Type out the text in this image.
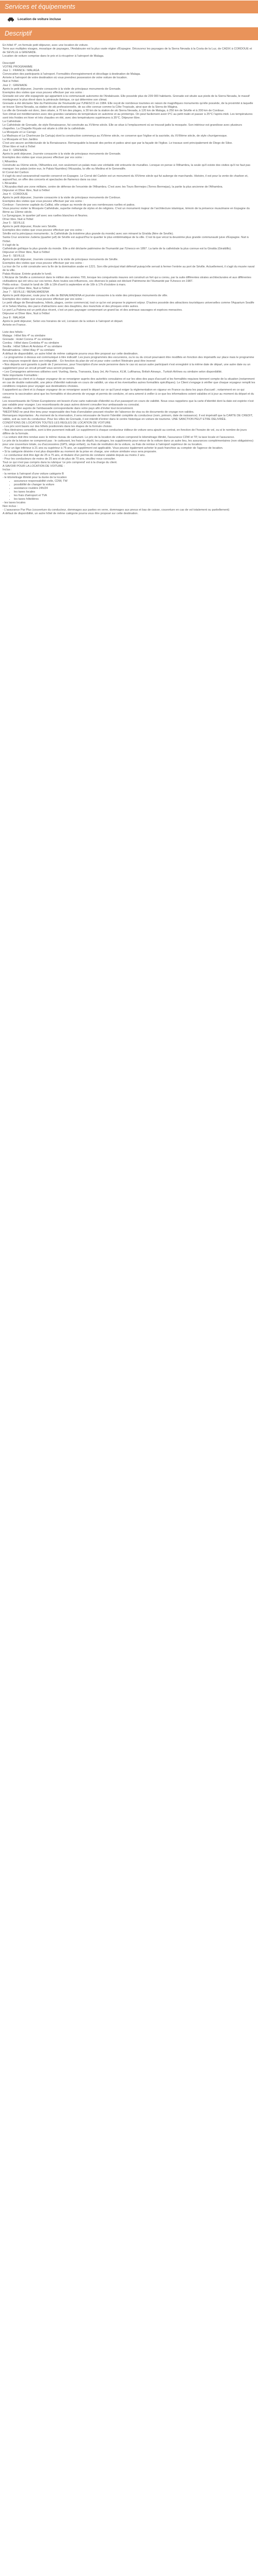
Services et équipements
Location de voiture incluse
Descriptif

En hôtel 4*, en formule petit déjeuner, avec une location de voiture.

Terre aux multiples visages, mosaïque de paysages, l'Andalousie est la plus vaste région d'Espagne. Découvrez les paysages de la Sierra Nevada à la Costa de la Luz, de CADIX à CORDOUE et de SEVILLE à GRENADE.

Location de voiture comprise dans le prix et à récupérer à l'aéroport de Malaga.

Descriptif

VOTRE PROGRAMME

Jour 1 : FRANCE / MALAGA

Convocation des participants à l'aéroport. Formalités d'enregistrement et décollage à destination de Malaga.

Arrivée à l'aéroport de votre destination où vous prendrez possession de votre voiture de location.

Nuit à l'hôtel.

Jour 2 : GRENADE

Après le petit déjeuner, Journée consacrée à la visite de principaux monuments de Grenade.

Exemples des visites que vous pouvez effectuer par vos soins :

Grenade est une ville espagnole qui appartient à la communauté autonome de l'Andalousie. Elle possède plus de 239 000 habitants. Grenade est située aux pieds de la Sierra Nevada, le massif montagneux le plus élevé dans la péninsule ibérique, ce qui détermine son climat.

Grenade a été déclarée Site du Patrimoine de l'Humanité par l'UNESCO en 1984. Elle reçoit de nombreux touristes en raison de magnifiques monuments qu'elle possède, de la proximité à laquelle se trouve Sierra Nevada, sa station de ski professionnelle, de sa côte connue comme la Côte Tropicale, ainsi que de la Sierra de Mágina.

La ville de Grenade est donc, bien située, à 70 km des plages, à 30 km de la station de ski Sierra Nevada, à 120 km de Malaga, à 250 km de Séville et à 200 km de Cordoue.

Son climat est méditerranéen avec des grandes variations de température en automne et au printemps. On peut facilement avoir 0°C au petit matin et passer à 25°C l'après-midi. Les températures sont très froides en hiver et très chaudes en été, avec des températures supérieures à 35°C. Déjeuner libre.

La Cathédrale

Le Cathédrale de Grenade, de style Renaissance, fut construite au XVIème siècle. Elle se situe à l'emplacement où se trouvait jadis la mosquée. Son intérieur est grandiose avec plusieurs chapelles. La Chapelle Royale est située à côté de la cathédrale.

La Mosquée et Le Carrajo

La Madraza et La Chartreuse (la Cartuja) dont la construction commença au XVIème siècle, ne conserve que l'église et la sacristie, du XVIIIème siècle, de style churrigeresque.

La Mosquée et Son Jardins

C'est une œuvre architecturale de la Renaissance. Remarquable la beauté des perles et patios ainsi que par la façade de l'église. Le travaux sont principalement de Diego de Siloe.

Dîner libre et nuit à l'hôtel

Jour 3 : GRENADE

Après le petit déjeuner, Journée consacrée à la visite de principaux monuments de Grenade.

Exemples des visites que vous pouvez effectuer par vos soins :

L'Alhambra

Construite au IXème siècle, l'Alhambra est, non seulement un palais mais une véritable cité entourée de murailles. Lorsque on pense à l'Alhambra, la seule qu'il existe des visites qu'il ne faut pas manquer: les palais (entre eux, le Palais Nazrides) l'Alcazaba, la ville ou Medina et le Generalife.

El Corral del Carbon

Il s'agit du seul caravansérail nasride conservé en Espagne. Le Corral del Carbón est un monument du XIVème siècle qui fut auberge de marchands. Histoire, il est pour la vente de charbon et, aujourd'hui, on offre des concerts et spectacles de flamenco dans sa cour.

L'Alcazaba

L'Alcazaba était une zone militaire, centre de défense de l'enceinte de l'Alhambra. C'est avec les Tours Bermejes (Torres Bermejas), la partie la plus ancienne de l'Alhambra.

Déjeuner et Dîner libre, Nuit à l'Hôtel

Jour 4 : CORDOUE

Après le petit déjeuner, Journée consacrée à la visite de principaux monuments de Cordoue.

Exemples des visites que vous pouvez effectuer par vos soins :

Cordoue : l'ancienne capitale du Califat, ville unique au monde de par ses nombreuses ruelles et patios.

Vous pourrez visiter la Mosquée Cathédrale, superbe mélange de styles et de religions. C'est un monument majeur de l'architecture islamique, témoin de la présence musulmane en Espagne du 8ème au 13ème siècle.

La Synagogue, le quartier juif avec ses ruelles blanches et fleuries.

Dîner libre. Nuit à l'hôtel

Jour 5 : SEVILLE

Après le petit déjeuner, Route vers Séville.

Exemples des visites que vous pouvez effectuer par vos soins :

Séville est la principaux monuments ; la Cathédrale (la troisième plus grande du monde) avec son minaret la Giralda (fière de Seville).

Santa Cruz ancienne Juderia (quartier juif) de Séville est aujourd'hui le quartier le plus emblématique de la ville. C'est là que vécut la deuxième plus grande communauté juive d'Espagne. Nuit à l'hôtel.

Il s'agit de la

Cathédrale gothique la plus grande du monde. Elle a été déclarée patrimoine de l'humanité par l'Unesco en 1897. La tarte de la cathédrale la plus connue est la Giralda (Giraldillo).

Déjeuner et Dîner libre, Nuit à l'Hôtel

Jour 6 : SEVILLE

Après le petit déjeuner, Journée consacrée à la visite de principaux monuments de Séville.

Exemples des visites que vous pouvez effectuer par vos soins :

La tour de l'or a été construite vers la fin de la domination arabe en 1221. Son rôle principal était défensif puisqu'elle servait à fermer l'entrée au port de Séville. Actuellement, il s'agit du musée naval de la ville.

Palais Alcázar. Entrée gratuite le lundi.

L'Alcázar de Séville a commencé dans le million des années 700, lorsque les conquérants maures ont construit un fort qui a connu, par la suite différentes strates architecturales et aux différentes civilisations qui ont vécu sur ces terres. Avec toutes ses influences, ces diverses le palais est déclaré Patrimoine de l'Humanité par l'Unesco en 1987.

Petits extras : Gratuit le lundi de 18h à 19h d'avril à septembre et de 16h à 17h d'octobre à mars.

Déjeuner et Dîner libre, Nuit à l'Hôtel

Jour 7 : SEVILLE / BENALMADENA

Après le petit déjeuner, route pour la ville de BENALMADENA et journée consacrée à la visite des principaux monuments de ville.

Exemples des visites que vous pouvez effectuer par vos soins :

Le petit village de Benalmadena, hôtels, plages, centre commercial, tout ce qu'on est propose le pigment séjour. D'autres possède des attractions touristiques universelles comme l'Aquarium Sealife et le Selwo Marina, des parcs d'attractions avec des dauphins, des manchots et des phoques entre autres.

Le port La Paloma est un petit plus récent, c'est un parc paysager comprenant un grand lac et des animaux sauvages et espèces menacées.

Déjeuner et Dîner libre, Nuit à l'Hôtel

Jour 8 : MALAGA

Après le petit déjeuner, Selon vos horaires de vol, Livraison de la voiture à l'aéroport et départ.

Arrivée en France.

Liste des hôtels :

Malaga : Hôtel Ibis 4* ou similaire

Grenade : Hotel Corona 4* ou similaire

Cordou : Hôtel dans Cordoba 4* ou similaire

Sevilla : Hôtel Silken Al Andalus 4* ou similaire

Benalmadena : Hôtel Alay 4* ou similaire

A défaut de disponibilité, un autre hôtel de même catégorie pourra vous être proposé sur cette destination.

- Le programme ci-dessus est communiqué à titre indicatif. Les jours programmés des excursions, ou le ou du circuit pourraient être modifiés en fonction des impératifs sur place mais le programme sera toujours respecté dans son intégralité. - En fonction du plan de vol et pour votre confort l'itinéraire peut être inversé

• Nos départs sont garantis à partir de 2 personnes, pour l'inscription d'une seule personne dans le cas où aucun autre participant n'est enregistré à la même date de départ, une autre date ou un supplément pour un circuit privatif vous seront proposés.

• Les Compagnies aériennes utilisées sont: Vueling, Iberia, Transavia, Easy Jet, Air France, KLM, Lufthansa, British Airways , Turkish Airlines ou similaire selon disponibilité.

Note importante Formalités :

Il appartient au client et à chaque voyageur de se renseigner auprès des autorités consulaires et sur les sites des pays d'accueil si les formalités requises tiennent compte de la situation (notamment en cas de double nationalité, une pièce d'identité nationale en cours de validité, un visa et les éventuelles autres formalités spécifiques). Le Client s'engage à vérifier que chaque voyageur remplit les conditions requises pour voyager aux destinations choisies.

Il appartient au client et à chaque voyageur de se renseigner avant le départ sur ce qu'il peut exiger la réglementation en vigueur en France ou dans les pays d'accueil ; notamment en ce qui concerne la vaccination ainsi que les formalités et documents de voyage et permis de conduire, et sera amené à veiller à ce que les informations soient valables et à jour au moment du départ et du retour.

Les ressortissants de l'Union Européenne ont besoin d'une carte nationale d'identité ou d'un passeport en cours de validité. Nous vous rappelons que la carte d'identité dont la date est expirée n'est pas valable pour voyager. Les ressortissants de pays autres doivent consulter leur ambassade ou consulat.

Veuillez vérifier auprès de l'ambassade correspondante dans votre pays afin d'éviter tout inconvénient.

*MEDITRAD ne peut être tenu pour responsable des frais d'annulation pouvant résulter de l'absence de visa ou de documents de voyage non valides.

Remarques importantes : Au moment de la réservation, il sera nécessaire de fournir l'identité complète du conducteur (nom, prénom, date de naissance). Il est impératif que la CARTE DE CREDIT, valide, soit au nom du conducteur. Pour les villes de Grenade, il est interdit d'entrer dans le centre historique en voiture de tourisme. UNE SANCTION PEUT ETRE DELIVRÉE.

CONDITIONS DE LOCATION TOUTES LES REGLES DE LOCATION DE VOITURE

- Les prix sont basés sur des hôtels positionnés dans les étapes de la formule choisie.

• Nos itinéraires conseillés, sont à titre purement indicatif. Le supplément à chaque conducteur éditeur de voiture sera ajouté au contrat, en fonction de l'horaire de vol, ou si le nombre de jours diffère de la formule.

• La voiture doit être rendue avec le même niveau de carburant. Le prix de la location de voiture comprend le kilométrage illimité, l'assurance CDW et TP, la taxe locale et l'assurance.

Le prix de la location ne comprend pas : le carburant, les frais de dépôt, les péages, les suppléments pour retour de la voiture dans un autre lieu, les assurances complémentaires (non obligatoires) pour une couverture totale, ou d'accessoires (GPS, siège enfant), ou frais de restitution de la voiture, ou frais de remise à l'aéroport supérieur de ou location.

- Pour un âge inférieur à 21 ans ou supérieur à 75 ans, un supplément est applicable. Vous pouvez également acheter le pack franchise au comptoir de l'agence de location.

• Si la catégorie désirée n'est plus disponible au moment de la prise en charge, une voiture similaire vous sera proposée.

- Le conducteur doit être âgé de 25 à 75 ans, et titulaire d'un permis de conduire valable depuis au moins 2 ans.

- Pour les conducteurs de moins de 25 ans et de plus de 70 ans, veuillez nous consulter.

Tout ce qui n'est pas compris dans la rubrique 'ce prix comprend' est à la charge du client.

A SAVOIR POUR LA LOCATION DE VOITURE :

Inclus :

- la remise à l'aéroport d'une voiture catégorie B

- le kilométrage illimité pour la durée de la location

• assurance responsabilité civile, CDW, TW
• possibilité de changer la voiture
• assistance routière 24h/24
• les taxes locales
• les frais d'aéroport et TVA
• les taxes hôtelières

- les taxes locales

Non inclus :

- L'assurance Par Plus (couverture du conducteur, dommages aux parties en verre, dommages aux pneus et bas de caisse, couverture en cas de vol totalement ou partiellement)

A défaut de disponibilité, un autre hôtel de même catégorie pourra vous être proposé sur cette destination.
